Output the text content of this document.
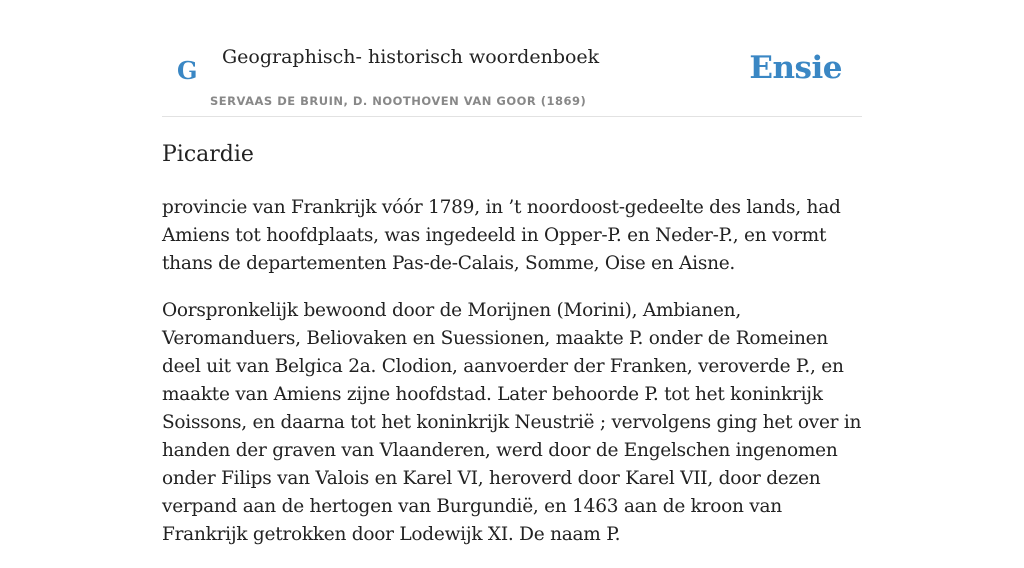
G Geographisch- historisch woordenboek
SERVAAS DE BRUIN, D. NOOTHOVEN VAN GOOR (1869)
Ensie
Picardie

provincie van Frankrijk vóór 1789, in ’t noordoost-gedeelte des lands, had Amiens tot hoofdplaats, was ingedeeld in Opper-P. en Neder-P., en vormt thans de departementen Pas-de-Calais, Somme, Oise en Aisne.

Oorspronkelijk bewoond door de Morijnen (Morini), Ambianen, Veromanduers, Beliovaken en Suessionen, maakte P. onder de Romeinen deel uit van Belgica 2a. Clodion, aanvoerder der Franken, veroverde P., en maakte van Amiens zijne hoofdstad. Later behoorde P. tot het koninkrijk Soissons, en daarna tot het koninkrijk Neustrië ; vervolgens ging het over in handen der graven van Vlaanderen, werd door de Engelschen ingenomen onder Filips van Valois en Karel VI, heroverd door Karel VII, door dezen verpand aan de hertogen van Burgundië, en 1463 aan de kroon van Frankrijk getrokken door Lodewijk XI. De naam P.
